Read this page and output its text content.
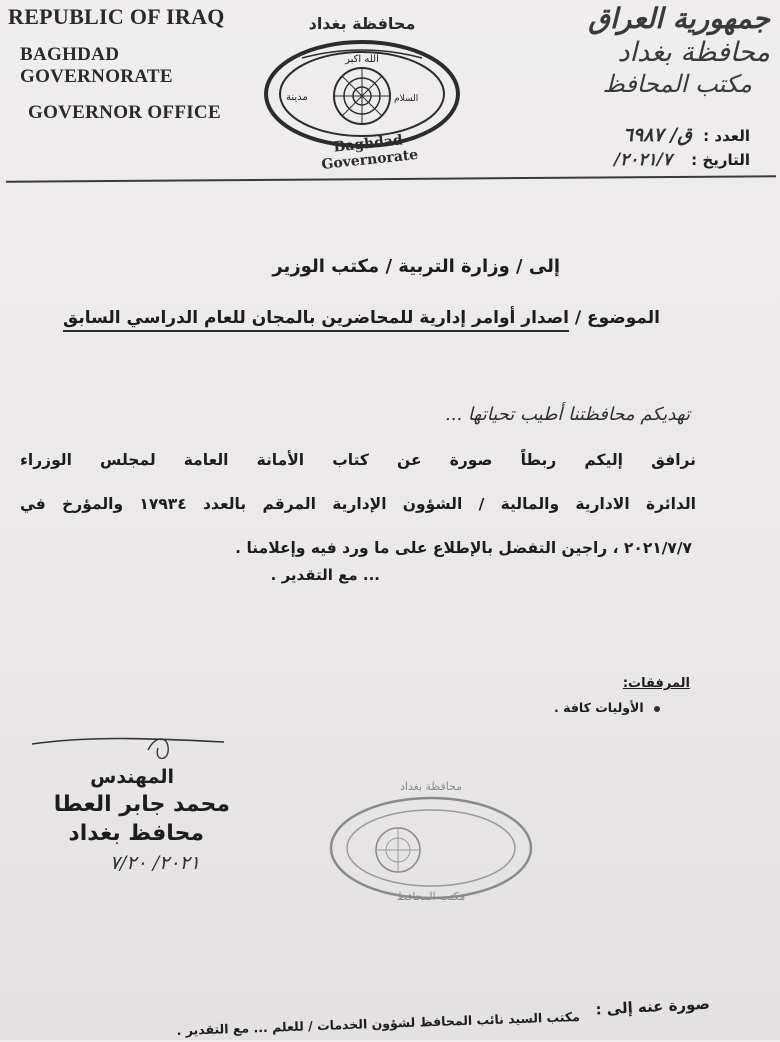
REPUBLIC OF IRAQ
BAGHDAD GOVERNORATE
GOVERNOR OFFICE
محافظة بغداد
الله اكبر
مدينة	السلام
Baghdad Governorate
جمهورية العراق
محافظة بغداد
مكتب المحافظ
العدد : ق/ ٦٩٨٧
التاريخ : ٢٠٢١/٧/
إلى / وزارة التربية / مكتب الوزير
الموضوع / اصدار أوامر إدارية للمحاضرين بالمجان للعام الدراسي السابق
تهديكم محافظتنا أطيب تحياتها ...
نرافق إليكم ربطاً صورة عن كتاب الأمانة العامة لمجلس الوزراء
الدائرة الادارية والمالية / الشؤون الإدارية المرقم بالعدد ١٧٩٣٤ والمؤرخ في
٢٠٢١/٧/٧ ، راجين التفضل بالإطلاع على ما ورد فيه وإعلامنا .
... مع التقدير .
المرفقات:
الأوليات كافة .
المهندس
محمد جابر العطا
محافظ بغداد
٢٠٢١/ ٧/٢٠
محافظة بغداد
مكتب المحافظ
صورة عنه إلى :
مكتب السيد نائب المحافظ لشؤون الخدمات / للعلم ... مع التقدير .
